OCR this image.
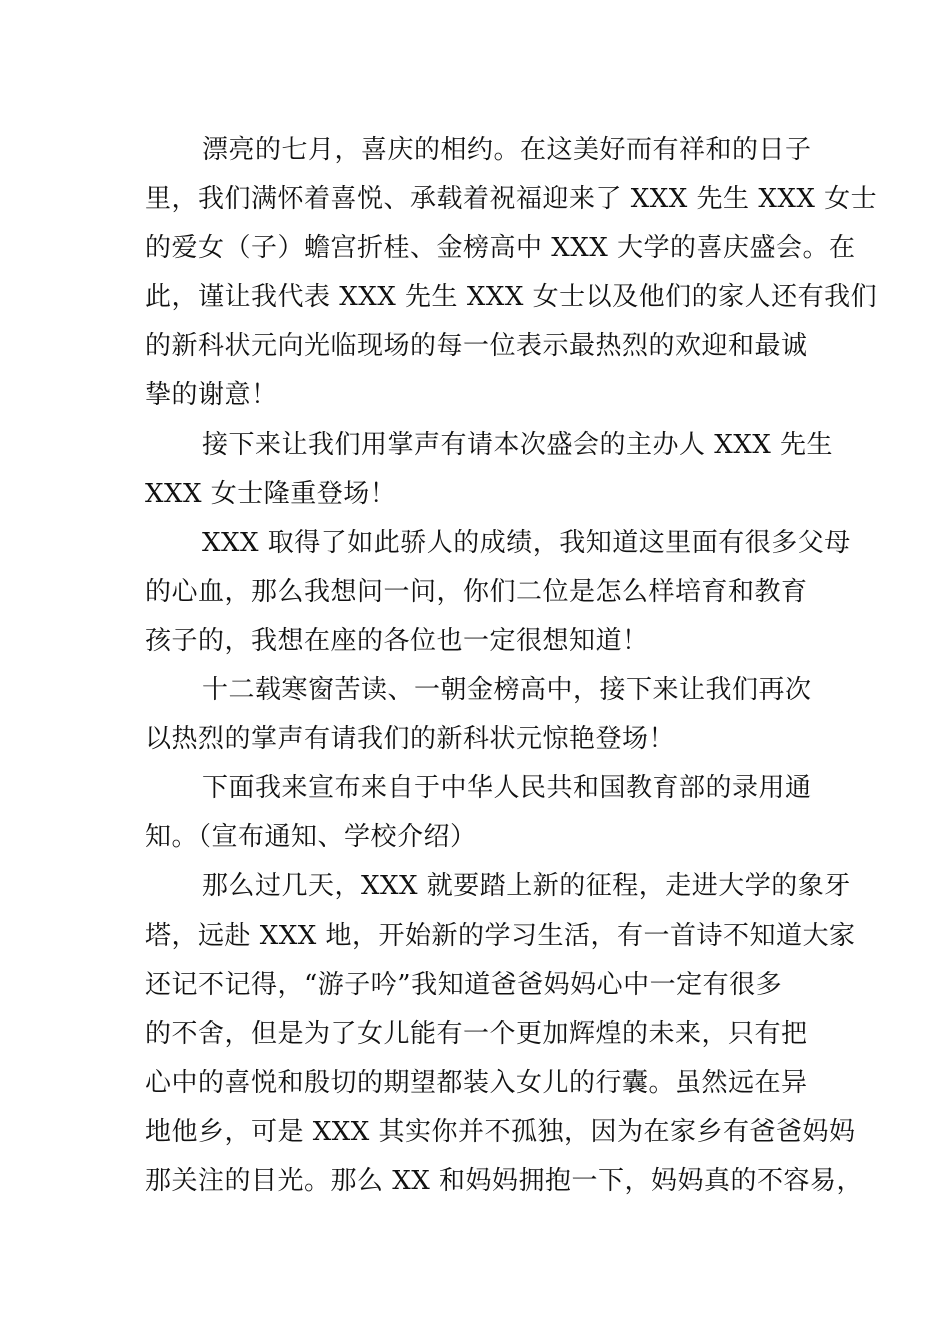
漂亮的七月，喜庆的相约。在这美好而有祥和的日子
里，我们满怀着喜悦、承载着祝福迎来了 XXX 先生 XXX 女士
的爱女（子）蟾宫折桂、金榜高中 XXX 大学的喜庆盛会。在
此，谨让我代表 XXX 先生 XXX 女士以及他们的家人还有我们
的新科状元向光临现场的每一位表示最热烈的欢迎和最诚
挚的谢意！
接下来让我们用掌声有请本次盛会的主办人 XXX 先生
XXX 女士隆重登场！
XXX 取得了如此骄人的成绩，我知道这里面有很多父母
的心血，那么我想问一问，你们二位是怎么样培育和教育
孩子的，我想在座的各位也一定很想知道！
十二载寒窗苦读、一朝金榜高中，接下来让我们再次
以热烈的掌声有请我们的新科状元惊艳登场！
下面我来宣布来自于中华人民共和国教育部的录用通
知。（宣布通知、学校介绍）
那么过几天，XXX 就要踏上新的征程，走进大学的象牙
塔，远赴 XXX 地，开始新的学习生活，有一首诗不知道大家
还记不记得，“游子吟”我知道爸爸妈妈心中一定有很多
的不舍，但是为了女儿能有一个更加辉煌的未来，只有把
心中的喜悦和殷切的期望都装入女儿的行囊。虽然远在异
地他乡，可是 XXX 其实你并不孤独，因为在家乡有爸爸妈妈
那关注的目光。那么 XX 和妈妈拥抱一下，妈妈真的不容易，
